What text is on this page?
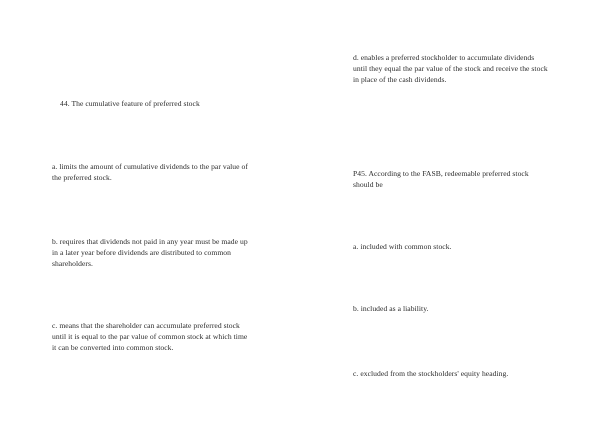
44. The cumulative feature of preferred stock
a. limits the amount of cumulative dividends to the par value of
the preferred stock.
b. requires that dividends not paid in any year must be made up
in a later year before dividends are distributed to common
shareholders.
c. means that the shareholder can accumulate preferred stock
until it is equal to the par value of common stock at which time
it can be converted into common stock.
d. enables a preferred stockholder to accumulate dividends
until they equal the par value of the stock and receive the stock
in place of the cash dividends.
P45. According to the FASB, redeemable preferred stock
should be
a. included with common stock.
b. included as a liability.
c. excluded from the stockholders' equity heading.
